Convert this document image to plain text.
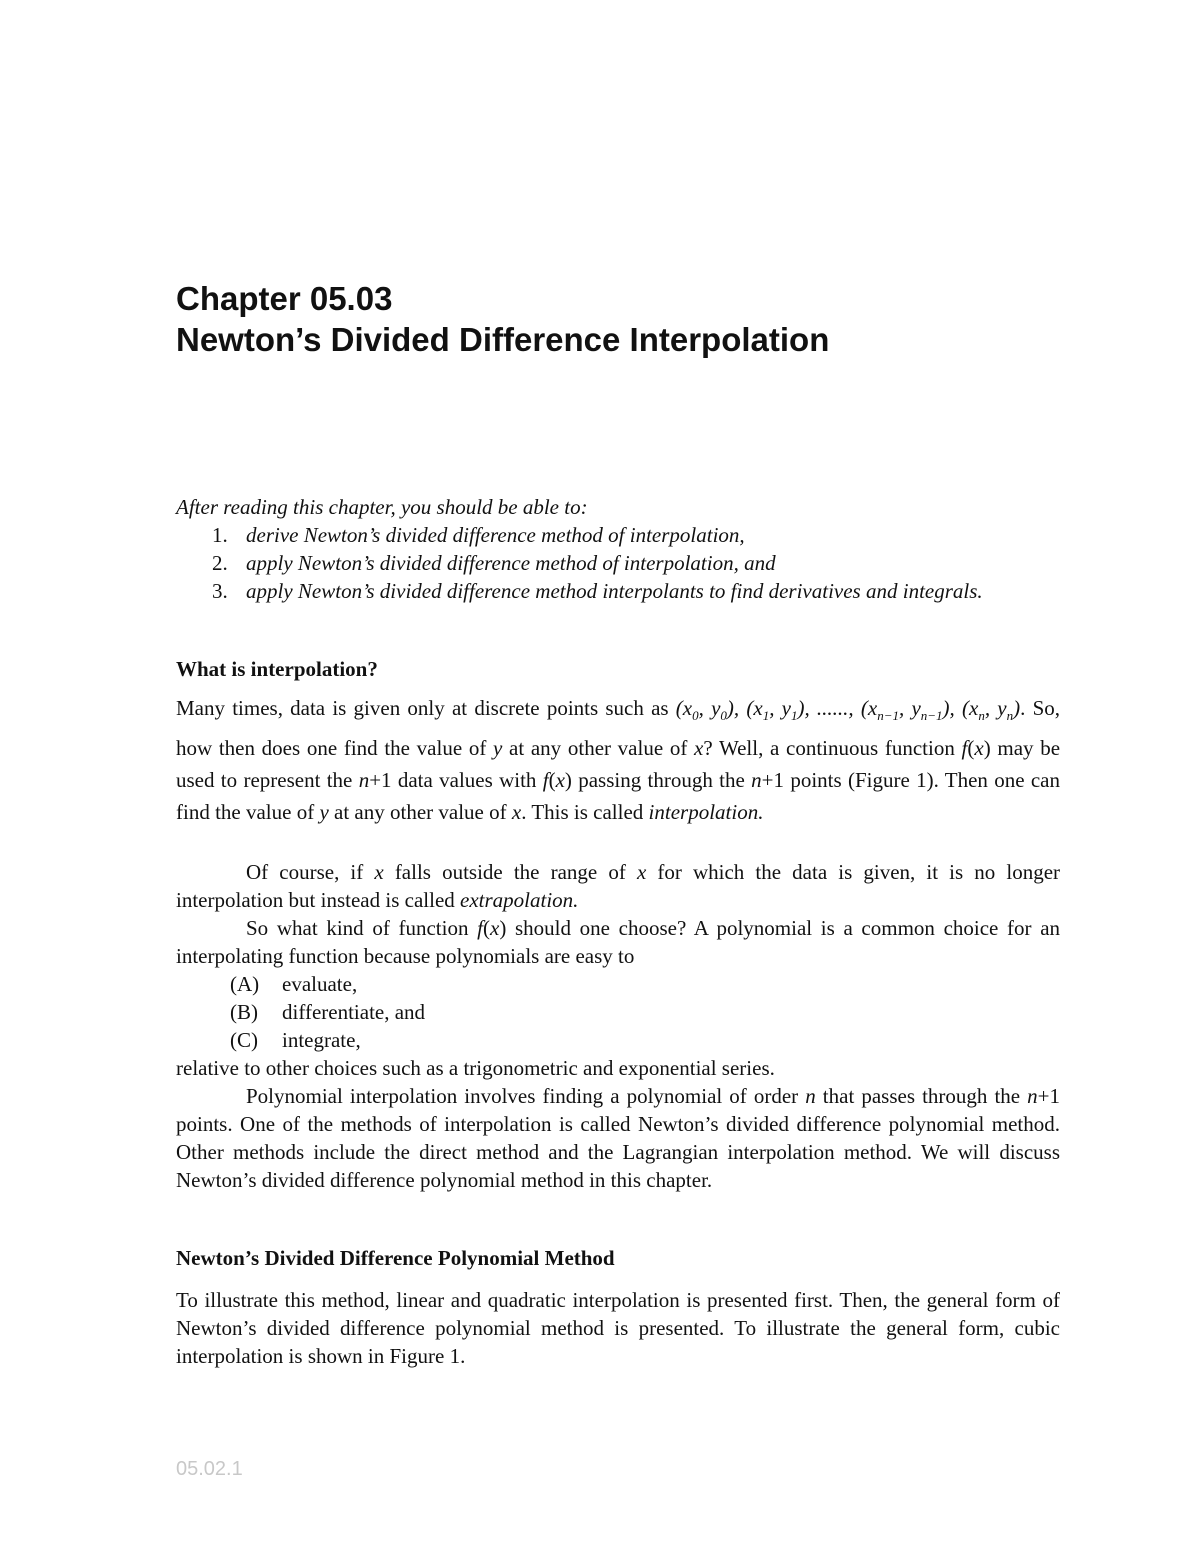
Chapter 05.03
Newton’s Divided Difference Interpolation
After reading this chapter, you should be able to:
1. derive Newton’s divided difference method of interpolation,
2. apply Newton’s divided difference method of interpolation, and
3. apply Newton’s divided difference method interpolants to find derivatives and integrals.
What is interpolation?
Many times, data is given only at discrete points such as ($x_0$, $y_0$), ($x_1$, $y_1$), ......, ($x_{n-1}$, $y_{n-1}$), ($x_n$, $y_n$). So, how then does one find the value of y at any other value of x? Well, a continuous function f(x) may be used to represent the n+1 data values with f(x) passing through the n+1 points (Figure 1). Then one can find the value of y at any other value of x. This is called interpolation.

Of course, if x falls outside the range of x for which the data is given, it is no longer interpolation but instead is called extrapolation.

So what kind of function f(x) should one choose? A polynomial is a common choice for an interpolating function because polynomials are easy to

(A) evaluate,
(B) differentiate, and
(C) integrate,

relative to other choices such as a trigonometric and exponential series.

Polynomial interpolation involves finding a polynomial of order n that passes through the n+1 points. One of the methods of interpolation is called Newton’s divided difference polynomial method. Other methods include the direct method and the Lagrangian interpolation method. We will discuss Newton’s divided difference polynomial method in this chapter.

Newton’s Divided Difference Polynomial Method
To illustrate this method, linear and quadratic interpolation is presented first. Then, the general form of Newton’s divided difference polynomial method is presented. To illustrate the general form, cubic interpolation is shown in Figure 1.
05.02.1
